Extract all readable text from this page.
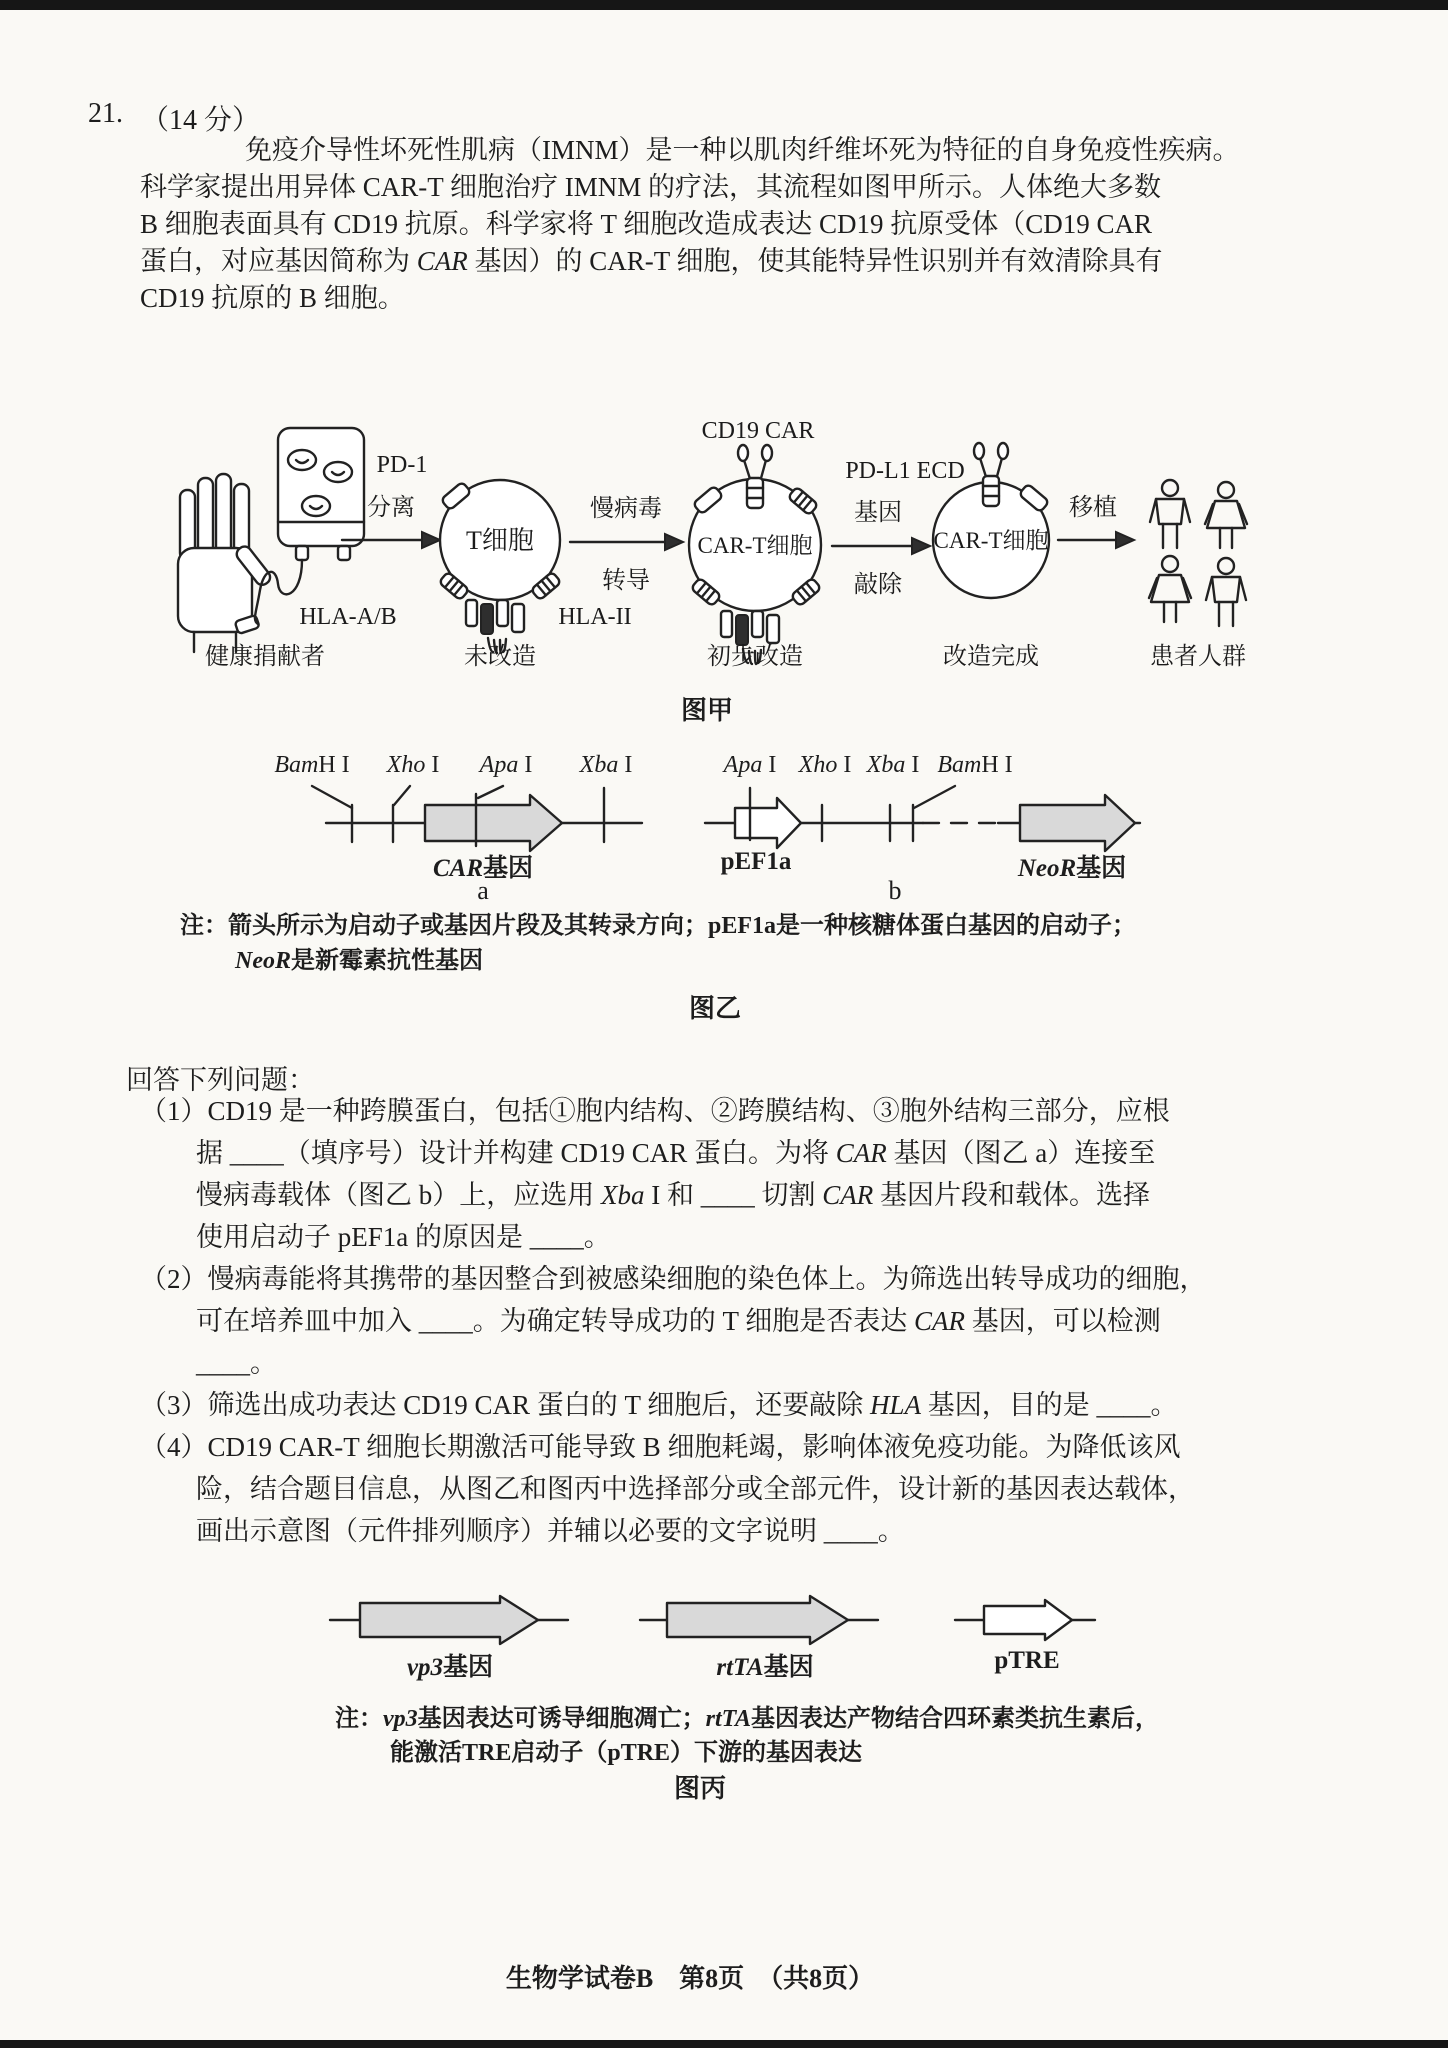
21. （14 分）
免疫介导性坏死性肌病（IMNM）是一种以肌肉纤维坏死为特征的自身免疫性疾病。
科学家提出用异体 CAR-T 细胞治疗 IMNM 的疗法，其流程如图甲所示。人体绝大多数
B 细胞表面具有 CD19 抗原。科学家将 T 细胞改造成表达 CD19 抗原受体（CD19 CAR
蛋白，对应基因简称为 CAR 基因）的 CAR-T 细胞，使其能特异性识别并有效清除具有
CD19 抗原的 B 细胞。
健康捐献者
分离
T细胞
PD-1
HLA-A/B	HLA-II
未改造
慢病毒
转导
CAR-T细胞
CD19 CAR
PD-L1 ECD
初步改造
基因
敲除
CAR-T细胞
改造完成
移植
患者人群
图甲
BamH I Xho I Apa I Xba I	Apa I Xho I Xba I BamH I
CAR基因
a
pEF1a	NeoR基因
b
注：箭头所示为启动子或基因片段及其转录方向；pEF1a是一种核糖体蛋白基因的启动子；
NeoR是新霉素抗性基因
图乙
回答下列问题：
（1）CD19 是一种跨膜蛋白，包括①胞内结构、②跨膜结构、③胞外结构三部分，应根
据 ____（填序号）设计并构建 CD19 CAR 蛋白。为将 CAR 基因（图乙 a）连接至
慢病毒载体（图乙 b）上，应选用 Xba I 和 ____ 切割 CAR 基因片段和载体。选择
使用启动子 pEF1a 的原因是 ____。
（2）慢病毒能将其携带的基因整合到被感染细胞的染色体上。为筛选出转导成功的细胞，
可在培养皿中加入 ____。为确定转导成功的 T 细胞是否表达 CAR 基因，可以检测
____。
（3）筛选出成功表达 CD19 CAR 蛋白的 T 细胞后，还要敲除 HLA 基因，目的是 ____。
（4）CD19 CAR-T 细胞长期激活可能导致 B 细胞耗竭，影响体液免疫功能。为降低该风
险，结合题目信息，从图乙和图丙中选择部分或全部元件，设计新的基因表达载体，
画出示意图（元件排列顺序）并辅以必要的文字说明 ____。
vp3基因	rtTA基因	pTRE
注：vp3基因表达可诱导细胞凋亡；rtTA基因表达产物结合四环素类抗生素后，
能激活TRE启动子（pTRE）下游的基因表达
图丙
生物学试卷B　第8页　（共8页）
